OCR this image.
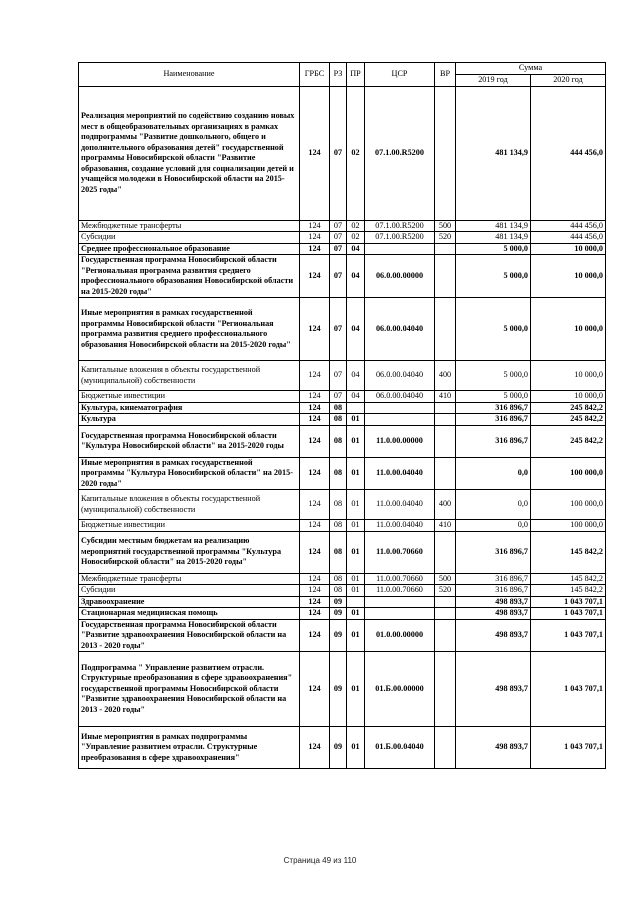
Наименование	ГРБС	РЗ	ПР	ЦСР	ВР	Сумма	
						2019 год	2020 год
Реализация мероприятий по содействию созданию новых мест в общеобразовательных организациях в рамках подпрограммы "Развитие дошкольного, общего и дополнительного образования детей" государственной программы Новосибирской области "Развитие образования, создание условий для социализации детей и учащейся молодежи в Новосибирской области на 2015-2025 годы"	124	07	02	07.1.00.R5200		481 134,9	444 456,0
Межбюджетные трансферты	124	07	02	07.1.00.R5200	500	481 134,9	444 456,0
Субсидии	124	07	02	07.1.00.R5200	520	481 134,9	444 456,0
Среднее профессиональное образование	124	07	04			5 000,0	10 000,0
Государственная программа Новосибирской области "Региональная программа развития среднего профессионального образования Новосибирской области на 2015-2020 годы"	124	07	04	06.0.00.00000		5 000,0	10 000,0
Иные мероприятия в рамках государственной программы Новосибирской области "Региональная программа развития среднего профессионального образования Новосибирской области на 2015-2020 годы"	124	07	04	06.0.00.04040		5 000,0	10 000,0
Капитальные вложения в объекты государственной (муниципальной) собственности	124	07	04	06.0.00.04040	400	5 000,0	10 000,0
Бюджетные инвестиции	124	07	04	06.0.00.04040	410	5 000,0	10 000,0
Культура, кинематография	124	08				316 896,7	245 842,2
Культура	124	08	01			316 896,7	245 842,2
Государственная программа Новосибирской области "Культура Новосибирской области" на 2015-2020 годы	124	08	01	11.0.00.00000		316 896,7	245 842,2
Иные мероприятия в рамках государственной программы "Культура Новосибирской области" на 2015-2020 годы"	124	08	01	11.0.00.04040		0,0	100 000,0
Капитальные вложения в объекты государственной (муниципальной) собственности	124	08	01	11.0.00.04040	400	0,0	100 000,0
Бюджетные инвестиции	124	08	01	11.0.00.04040	410	0,0	100 000,0
Субсидии местным бюджетам на реализацию мероприятий государственной программы "Культура Новосибирской области" на 2015-2020 годы"	124	08	01	11.0.00.70660		316 896,7	145 842,2
Межбюджетные трансферты	124	08	01	11.0.00.70660	500	316 896,7	145 842,2
Субсидии	124	08	01	11.0.00.70660	520	316 896,7	145 842,2
Здравоохранение	124	09				498 893,7	1 043 707,1
Стационарная медицинская помощь	124	09	01			498 893,7	1 043 707,1
Государственная программа Новосибирской области "Развитие здравоохранения Новосибирской области на 2013 - 2020 годы"	124	09	01	01.0.00.00000		498 893,7	1 043 707,1
Подпрограмма " Управление развитием отрасли. Структурные преобразования в сфере здравоохранения" государственной программы Новосибирской области "Развитие здравоохранения Новосибирской области на 2013 - 2020 годы"	124	09	01	01.Б.00.00000		498 893,7	1 043 707,1
Иные мероприятия в рамках подпрограммы "Управление развитием отрасли. Структурные преобразования в сфере здравоохранения"	124	09	01	01.Б.00.04040		498 893,7	1 043 707,1
Страница 49 из 110
